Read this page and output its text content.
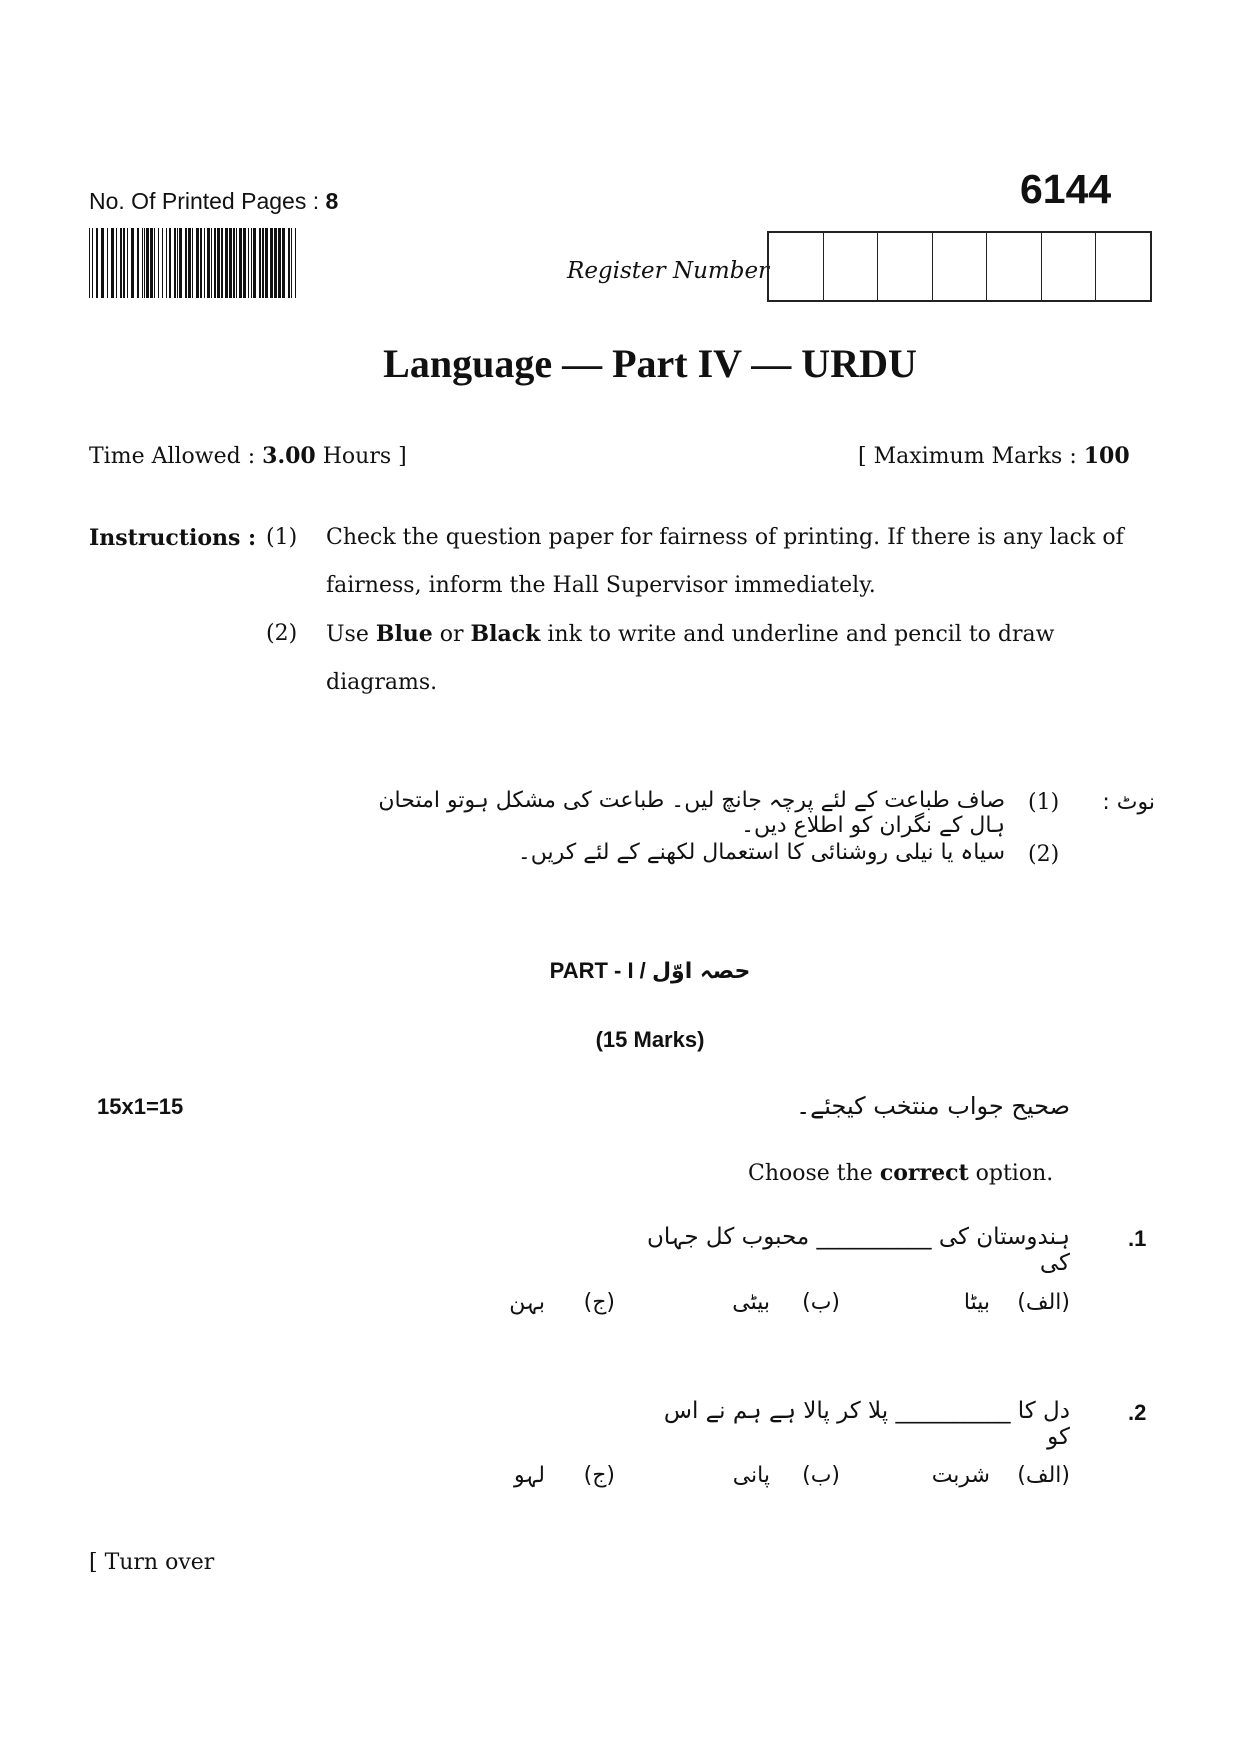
No. Of Printed Pages : 8	6144
Register Number
Language — Part IV — URDU
Time Allowed : 3.00 Hours ]	[ Maximum Marks : 100
Instructions : (1) Check the question paper for fairness of printing. If there is any lack of fairness, inform the Hall Supervisor immediately.
(2) Use Blue or Black ink to write and underline and pencil to draw diagrams.
نوٹ :
(1)
صاف طباعت کے لئے پرچہ جانچ لیں۔ طباعت کی مشکل ہوتو امتحان ہال کے نگران کو اطلاع دیں۔
(2)
سیاہ یا نیلی روشنائی کا استعمال لکھنے کے لئے کریں۔
PART - I / حصہ اوّل
(15 Marks)
15x1=15	صحیح جواب منتخب کیجئے۔
Choose the correct option.
.1
ہندوستان کی __________ محبوب کل جہاں کی
(الف)
بیٹا
(ب)
بیٹی
(ج)
بہن
.2
دل کا __________ پلا کر پالا ہے ہم نے اس کو
(الف)
شربت
(ب)
پانی
(ج)
لہو
[ Turn over
